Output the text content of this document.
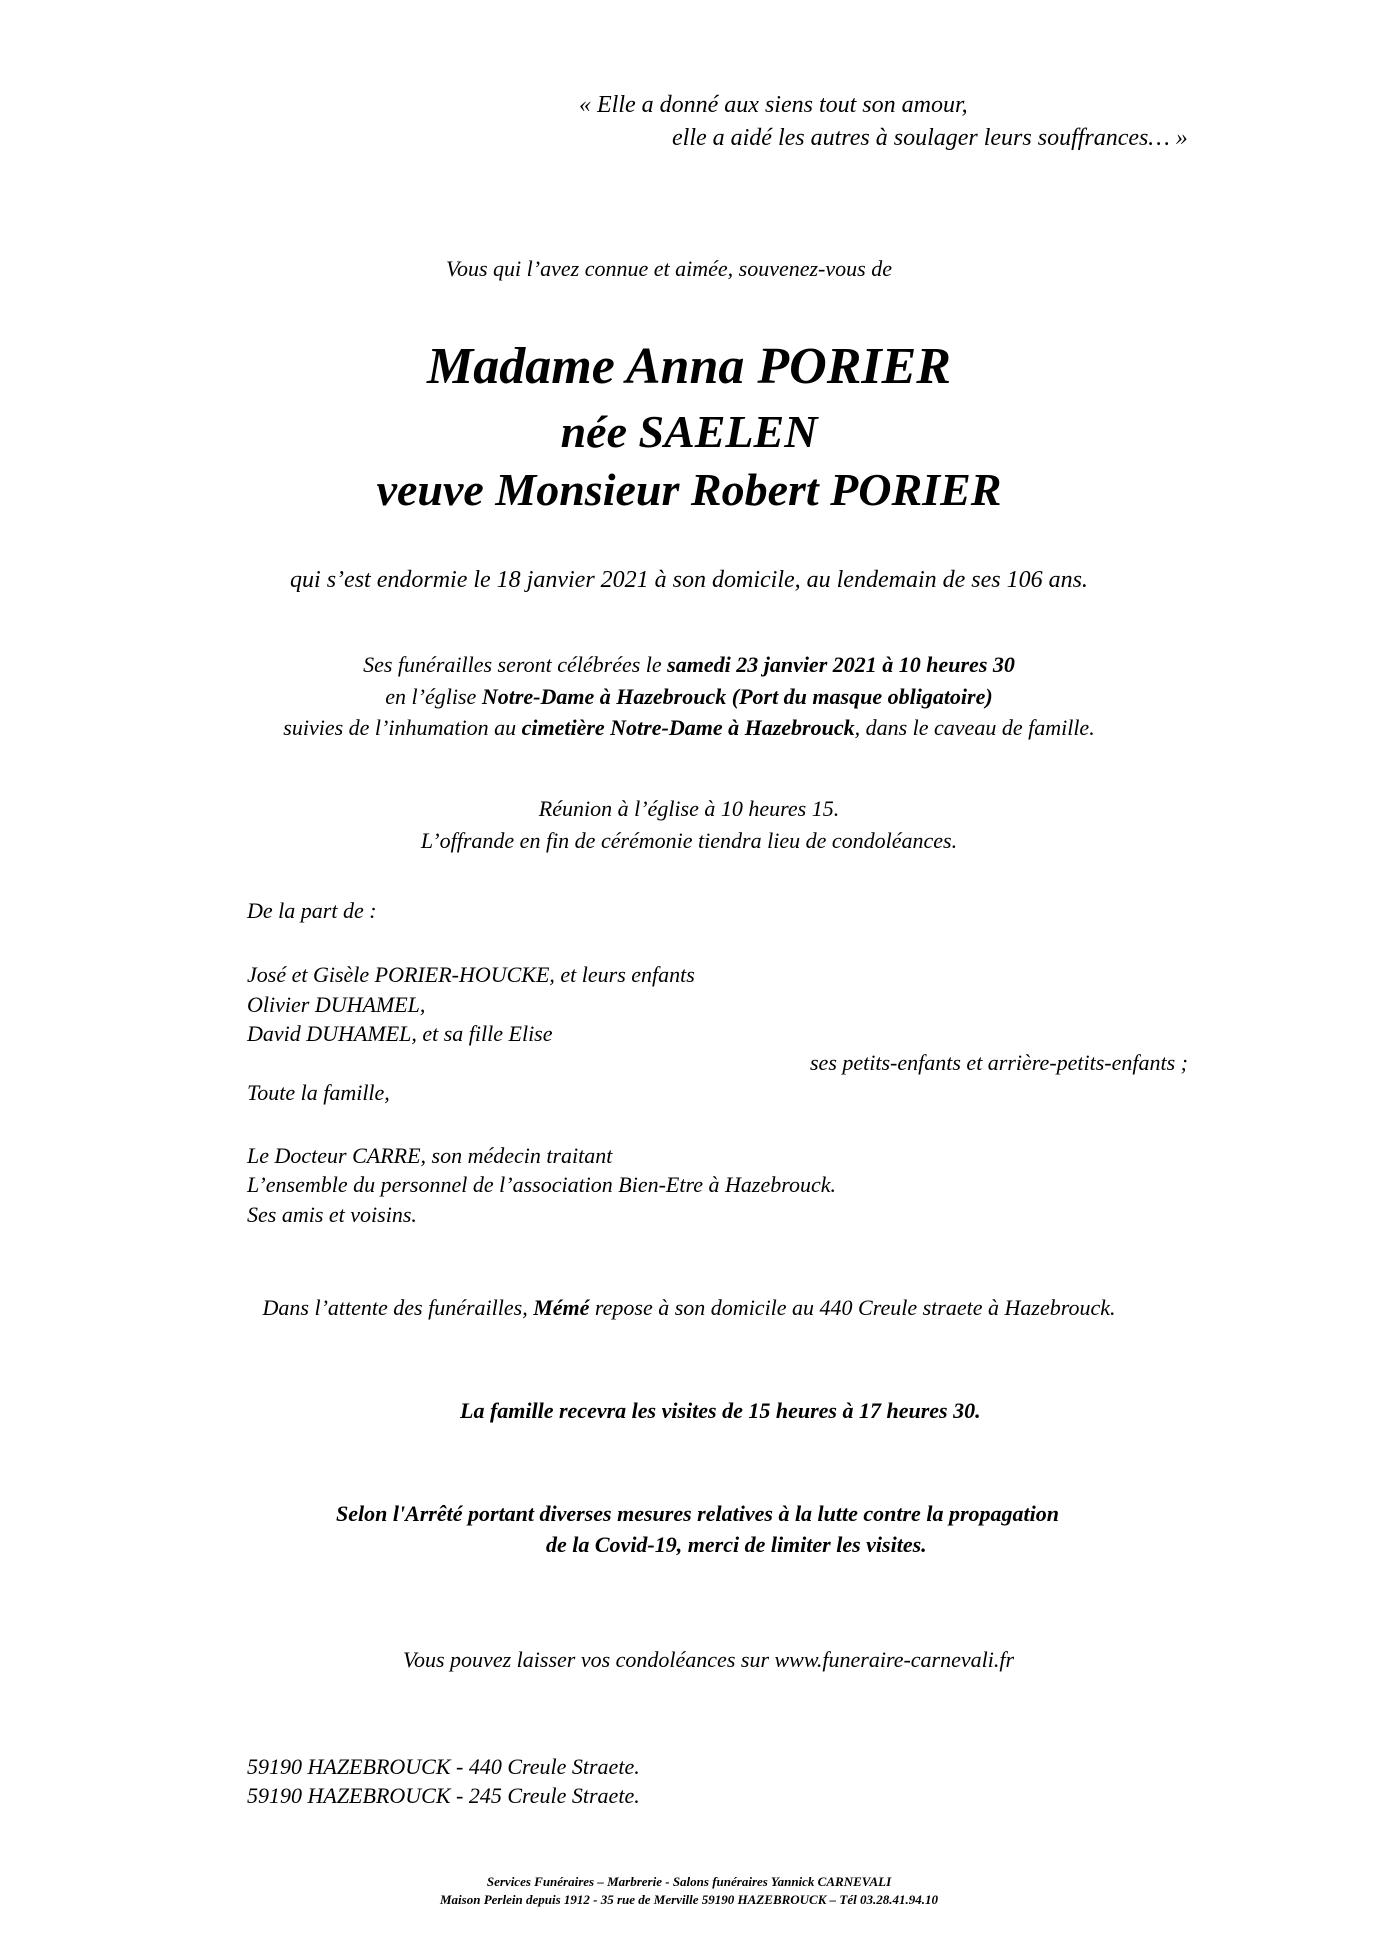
« Elle a donné aux siens tout son amour,
elle a aidé les autres à soulager leurs souffrances… »
Vous qui l’avez connue et aimée, souvenez-vous de
Madame Anna PORIER
née SAELEN
veuve Monsieur Robert PORIER
qui s’est endormie le 18 janvier 2021 à son domicile, au lendemain de ses 106 ans.
Ses funérailles seront célébrées le samedi 23 janvier 2021 à 10 heures 30
en l’église Notre-Dame à Hazebrouck (Port du masque obligatoire)
suivies de l’inhumation au cimetière Notre-Dame à Hazebrouck, dans le caveau de famille.
Réunion à l’église à 10 heures 15.
L’offrande en fin de cérémonie tiendra lieu de condoléances.
De la part de :
José et Gisèle PORIER-HOUCKE, et leurs enfants
Olivier DUHAMEL,
David DUHAMEL, et sa fille Elise
ses petits-enfants et arrière-petits-enfants ;
Toute la famille,
Le Docteur CARRE, son médecin traitant
L’ensemble du personnel de l’association Bien-Etre à Hazebrouck.
Ses amis et voisins.
Dans l’attente des funérailles, Mémé repose à son domicile au 440 Creule straete à Hazebrouck.
La famille recevra les visites de 15 heures à 17 heures 30.
Selon l'Arrêté portant diverses mesures relatives à la lutte contre la propagation
de la Covid-19, merci de limiter les visites.
Vous pouvez laisser vos condoléances sur www.funeraire-carnevali.fr
59190 HAZEBROUCK - 440 Creule Straete.
59190 HAZEBROUCK - 245 Creule Straete.
Services Funéraires – Marbrerie - Salons funéraires Yannick CARNEVALI
Maison Perlein depuis 1912 - 35 rue de Merville 59190 HAZEBROUCK – Tél 03.28.41.94.10
